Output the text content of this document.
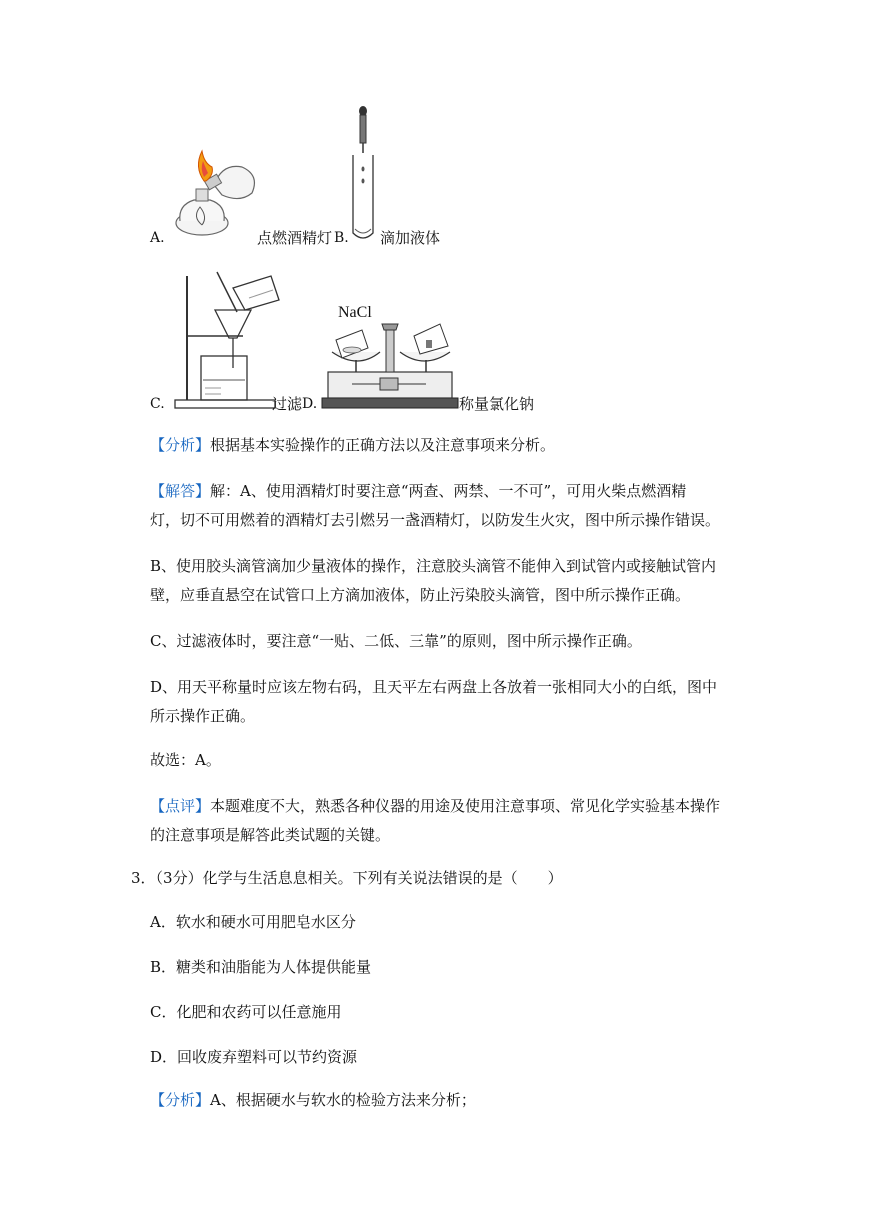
A.	点燃酒精灯 B. 滴加液体
C.	过滤 D.
NaCl
称量氯化钠
【分析】根据基本实验操作的正确方法以及注意事项来分析。
【解答】解：A、使用酒精灯时要注意“两查、两禁、一不可”，可用火柴点燃酒精
灯，切不可用燃着的酒精灯去引燃另一盏酒精灯，以防发生火灾，图中所示操作错误。
B、使用胶头滴管滴加少量液体的操作，注意胶头滴管不能伸入到试管内或接触试管内
壁，应垂直悬空在试管口上方滴加液体，防止污染胶头滴管，图中所示操作正确。
C、过滤液体时，要注意“一贴、二低、三靠”的原则，图中所示操作正确。
D、用天平称量时应该左物右码，且天平左右两盘上各放着一张相同大小的白纸，图中
所示操作正确。
故选：A。
【点评】本题难度不大，熟悉各种仪器的用途及使用注意事项、常见化学实验基本操作
的注意事项是解答此类试题的关键。
3．（3分）化学与生活息息相关。下列有关说法错误的是（　　）
A．软水和硬水可用肥皂水区分
B．糖类和油脂能为人体提供能量
C．化肥和农药可以任意施用
D．回收废弃塑料可以节约资源
【分析】A、根据硬水与软水的检验方法来分析；
